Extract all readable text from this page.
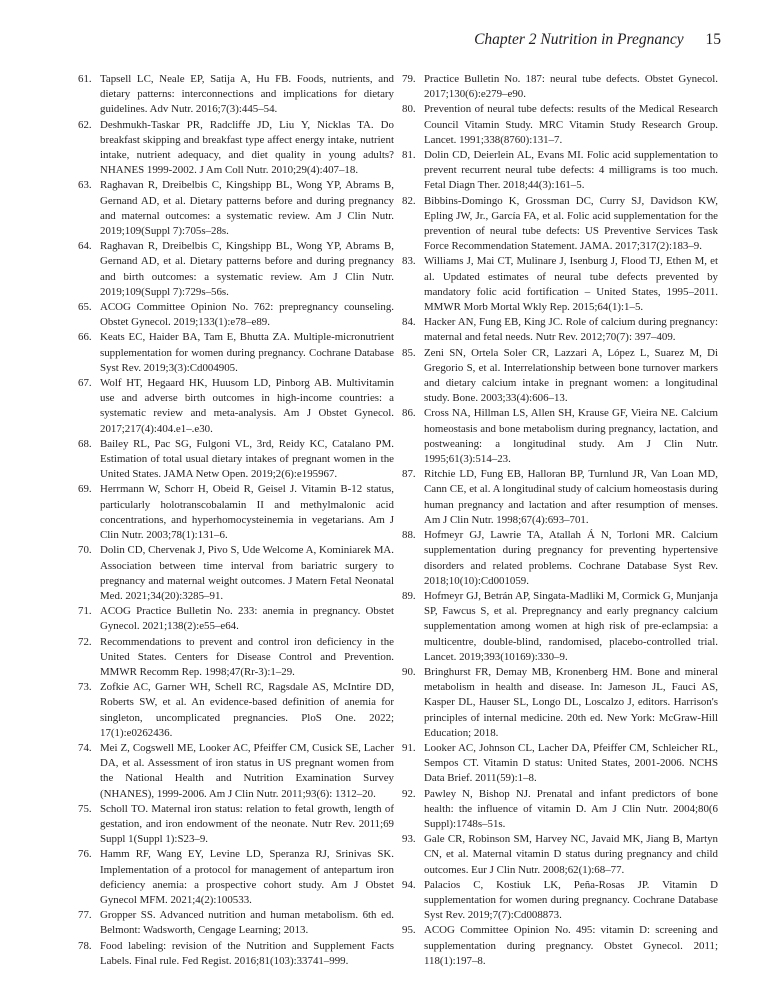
Chapter 2 Nutrition in Pregnancy 15

61. Tapsell LC, Neale EP, Satija A, Hu FB. Foods, nutrients, and dietary patterns: interconnections and implications for dietary guidelines. Adv Nutr. 2016;7(3):445–54.

62. Deshmukh-Taskar PR, Radcliffe JD, Liu Y, Nicklas TA. Do breakfast skipping and breakfast type affect energy intake, nutrient intake, nutrient adequacy, and diet quality in young adults? NHANES 1999-2002. J Am Coll Nutr. 2010;29(4):407–18.

63. Raghavan R, Dreibelbis C, Kingshipp BL, Wong YP, Abrams B, Gernand AD, et al. Dietary patterns before and during pregnancy and maternal outcomes: a systematic review. Am J Clin Nutr. 2019;109(Suppl 7):705s–28s.

64. Raghavan R, Dreibelbis C, Kingshipp BL, Wong YP, Abrams B, Gernand AD, et al. Dietary patterns before and during pregnancy and birth outcomes: a systematic review. Am J Clin Nutr. 2019;109(Suppl 7):729s–56s.

65. ACOG Committee Opinion No. 762: prepregnancy counseling. Obstet Gynecol. 2019;133(1):e78–e89.

66. Keats EC, Haider BA, Tam E, Bhutta ZA. Multiple-micronutrient supplementation for women during pregnancy. Cochrane Database Syst Rev. 2019;3(3):Cd004905.

67. Wolf HT, Hegaard HK, Huusom LD, Pinborg AB. Multivitamin use and adverse birth outcomes in high-income countries: a systematic review and meta-analysis. Am J Obstet Gynecol. 2017;217(4):404.e1–.e30.

68. Bailey RL, Pac SG, Fulgoni VL, 3rd, Reidy KC, Catalano PM. Estimation of total usual dietary intakes of pregnant women in the United States. JAMA Netw Open. 2019;2(6):e195967.

69. Herrmann W, Schorr H, Obeid R, Geisel J. Vitamin B-12 status, particularly holotranscobalamin II and methylmalonic acid concentrations, and hyperhomocysteinemia in vegetarians. Am J Clin Nutr. 2003;78(1):131–6.

70. Dolin CD, Chervenak J, Pivo S, Ude Welcome A, Kominiarek MA. Association between time interval from bariatric surgery to pregnancy and maternal weight outcomes. J Matern Fetal Neonatal Med. 2021;34(20):3285–91.

71. ACOG Practice Bulletin No. 233: anemia in pregnancy. Obstet Gynecol. 2021;138(2):e55–e64.

72. Recommendations to prevent and control iron deficiency in the United States. Centers for Disease Control and Prevention. MMWR Recomm Rep. 1998;47(Rr-3):1–29.

73. Zofkie AC, Garner WH, Schell RC, Ragsdale AS, McIntire DD, Roberts SW, et al. An evidence-based definition of anemia for singleton, uncomplicated pregnancies. PloS One. 2022; 17(1):e0262436.

74. Mei Z, Cogswell ME, Looker AC, Pfeiffer CM, Cusick SE, Lacher DA, et al. Assessment of iron status in US pregnant women from the National Health and Nutrition Examination Survey (NHANES), 1999-2006. Am J Clin Nutr. 2011;93(6): 1312–20.

75. Scholl TO. Maternal iron status: relation to fetal growth, length of gestation, and iron endowment of the neonate. Nutr Rev. 2011;69 Suppl 1(Suppl 1):S23–9.

76. Hamm RF, Wang EY, Levine LD, Speranza RJ, Srinivas SK. Implementation of a protocol for management of antepartum iron deficiency anemia: a prospective cohort study. Am J Obstet Gynecol MFM. 2021;4(2):100533.

77. Gropper SS. Advanced nutrition and human metabolism. 6th ed. Belmont: Wadsworth, Cengage Learning; 2013.

78. Food labeling: revision of the Nutrition and Supplement Facts Labels. Final rule. Fed Regist. 2016;81(103):33741–999.

79. Practice Bulletin No. 187: neural tube defects. Obstet Gynecol. 2017;130(6):e279–e90.

80. Prevention of neural tube defects: results of the Medical Research Council Vitamin Study. MRC Vitamin Study Research Group. Lancet. 1991;338(8760):131–7.

81. Dolin CD, Deierlein AL, Evans MI. Folic acid supplementation to prevent recurrent neural tube defects: 4 milligrams is too much. Fetal Diagn Ther. 2018;44(3):161–5.

82. Bibbins-Domingo K, Grossman DC, Curry SJ, Davidson KW, Epling JW, Jr., García FA, et al. Folic acid supplementation for the prevention of neural tube defects: US Preventive Services Task Force Recommendation Statement. JAMA. 2017;317(2):183–9.

83. Williams J, Mai CT, Mulinare J, Isenburg J, Flood TJ, Ethen M, et al. Updated estimates of neural tube defects prevented by mandatory folic acid fortification – United States, 1995–2011. MMWR Morb Mortal Wkly Rep. 2015;64(1):1–5.

84. Hacker AN, Fung EB, King JC. Role of calcium during pregnancy: maternal and fetal needs. Nutr Rev. 2012;70(7): 397–409.

85. Zeni SN, Ortela Soler CR, Lazzari A, López L, Suarez M, Di Gregorio S, et al. Interrelationship between bone turnover markers and dietary calcium intake in pregnant women: a longitudinal study. Bone. 2003;33(4):606–13.

86. Cross NA, Hillman LS, Allen SH, Krause GF, Vieira NE. Calcium homeostasis and bone metabolism during pregnancy, lactation, and postweaning: a longitudinal study. Am J Clin Nutr. 1995;61(3):514–23.

87. Ritchie LD, Fung EB, Halloran BP, Turnlund JR, Van Loan MD, Cann CE, et al. A longitudinal study of calcium homeostasis during human pregnancy and lactation and after resumption of menses. Am J Clin Nutr. 1998;67(4):693–701.

88. Hofmeyr GJ, Lawrie TA, Atallah Á N, Torloni MR. Calcium supplementation during pregnancy for preventing hypertensive disorders and related problems. Cochrane Database Syst Rev. 2018;10(10):Cd001059.

89. Hofmeyr GJ, Betrán AP, Singata-Madliki M, Cormick G, Munjanja SP, Fawcus S, et al. Prepregnancy and early pregnancy calcium supplementation among women at high risk of pre-eclampsia: a multicentre, double-blind, randomised, placebo-controlled trial. Lancet. 2019;393(10169):330–9.

90. Bringhurst FR, Demay MB, Kronenberg HM. Bone and mineral metabolism in health and disease. In: Jameson JL, Fauci AS, Kasper DL, Hauser SL, Longo DL, Loscalzo J, editors. Harrison's principles of internal medicine. 20th ed. New York: McGraw-Hill Education; 2018.

91. Looker AC, Johnson CL, Lacher DA, Pfeiffer CM, Schleicher RL, Sempos CT. Vitamin D status: United States, 2001-2006. NCHS Data Brief. 2011(59):1–8.

92. Pawley N, Bishop NJ. Prenatal and infant predictors of bone health: the influence of vitamin D. Am J Clin Nutr. 2004;80(6 Suppl):1748s–51s.

93. Gale CR, Robinson SM, Harvey NC, Javaid MK, Jiang B, Martyn CN, et al. Maternal vitamin D status during pregnancy and child outcomes. Eur J Clin Nutr. 2008;62(1):68–77.

94. Palacios C, Kostiuk LK, Peña-Rosas JP. Vitamin D supplementation for women during pregnancy. Cochrane Database Syst Rev. 2019;7(7):Cd008873.

95. ACOG Committee Opinion No. 495: vitamin D: screening and supplementation during pregnancy. Obstet Gynecol. 2011; 118(1):197–8.
